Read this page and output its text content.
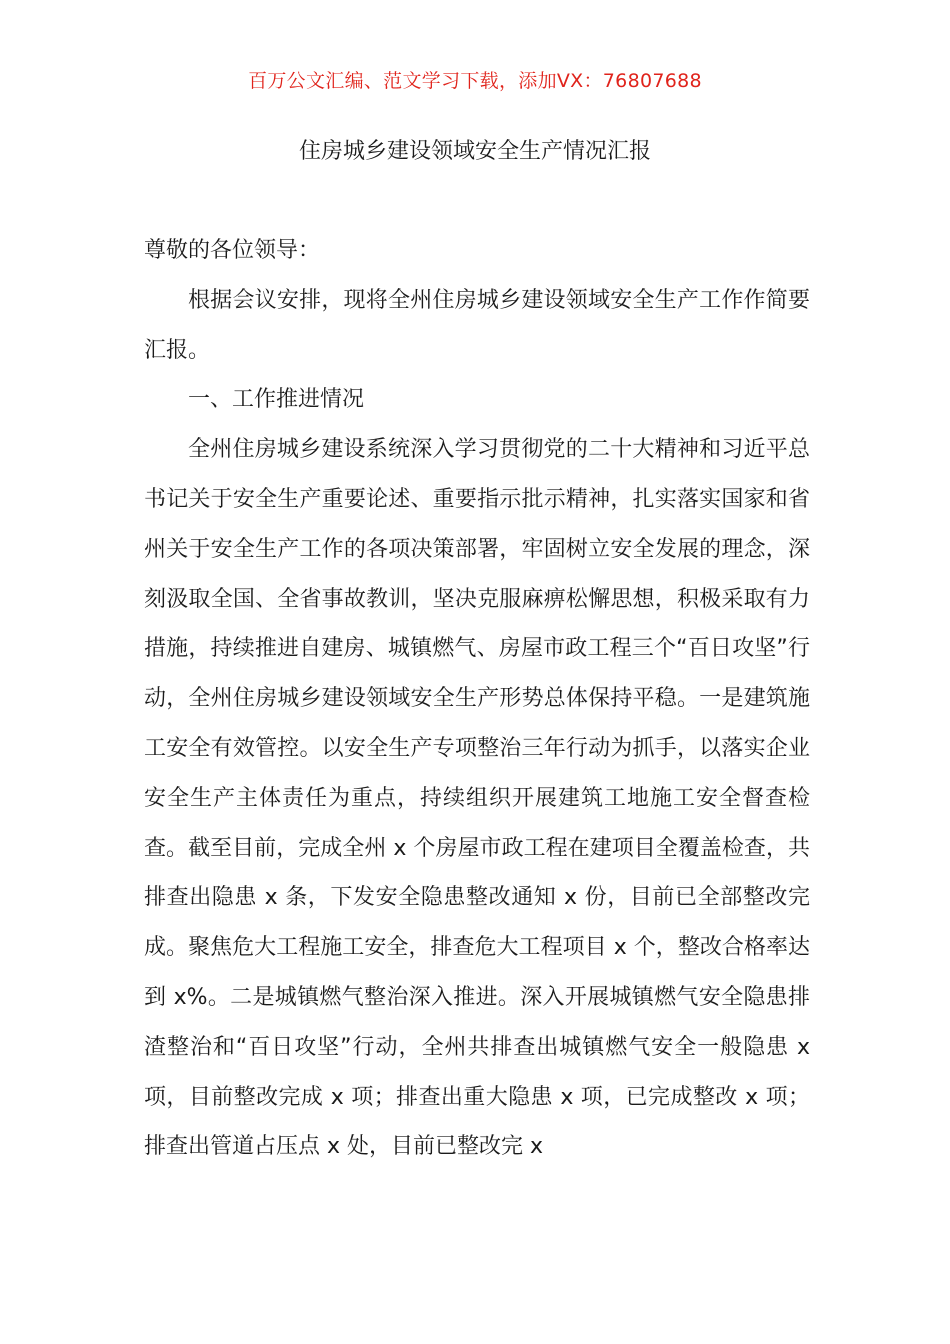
百万公文汇编、范文学习下载，添加VX：76807688
住房城乡建设领域安全生产情况汇报

尊敬的各位领导：

根据会议安排，现将全州住房城乡建设领域安全生产工作作简要汇报。

一、工作推进情况

全州住房城乡建设系统深入学习贯彻党的二十大精神和习近平总书记关于安全生产重要论述、重要指示批示精神，扎实落实国家和省州关于安全生产工作的各项决策部署，牢固树立安全发展的理念，深刻汲取全国、全省事故教训，坚决克服麻痹松懈思想，积极采取有力措施，持续推进自建房、城镇燃气、房屋市政工程三个“百日攻坚”行动，全州住房城乡建设领域安全生产形势总体保持平稳。一是建筑施工安全有效管控。以安全生产专项整治三年行动为抓手，以落实企业安全生产主体责任为重点，持续组织开展建筑工地施工安全督查检查。截至目前，完成全州 x 个房屋市政工程在建项目全覆盖检查，共排查出隐患 x 条，下发安全隐患整改通知 x 份，目前已全部整改完成。聚焦危大工程施工安全，排查危大工程项目 x 个，整改合格率达到 x%。二是城镇燃气整治深入推进。深入开展城镇燃气安全隐患排渣整治和“百日攻坚”行动，全州共排查出城镇燃气安全一般隐患 x 项，目前整改完成 x 项；排查出重大隐患 x 项，已完成整改 x 项；排查出管道占压点 x 处，目前已整改完 x
